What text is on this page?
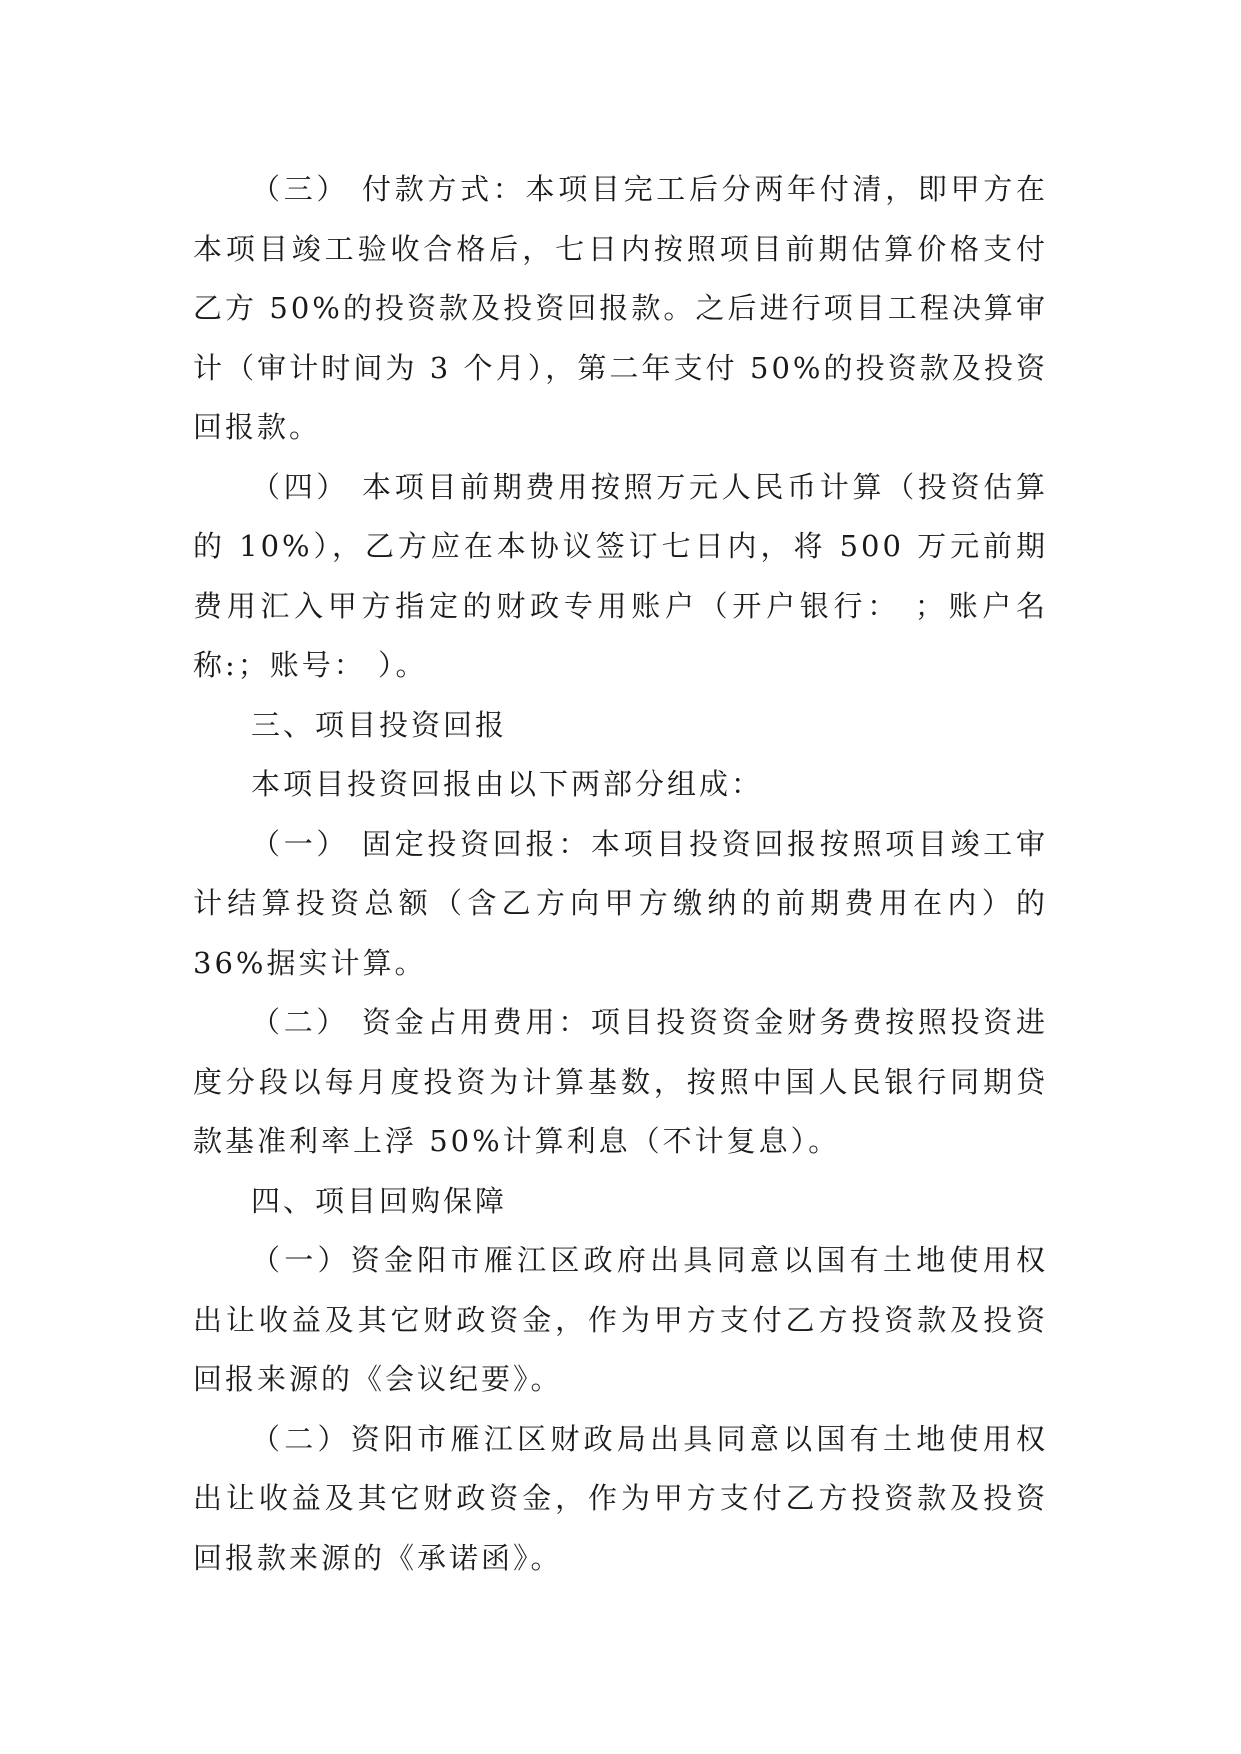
（三） 付款方式：本项目完工后分两年付清，即甲方在本项目竣工验收合格后，七日内按照项目前期估算价格支付乙方 50%的投资款及投资回报款。之后进行项目工程决算审计（审计时间为 3 个月），第二年支付 50%的投资款及投资回报款。

（四） 本项目前期费用按照万元人民币计算（投资估算的 10%），乙方应在本协议签订七日内，将 500 万元前期费用汇入甲方指定的财政专用账户（开户银行： ；账户名称:；账号： ）。

三、项目投资回报

本项目投资回报由以下两部分组成：

（一） 固定投资回报：本项目投资回报按照项目竣工审计结算投资总额（含乙方向甲方缴纳的前期费用在内）的 36%据实计算。

（二） 资金占用费用：项目投资资金财务费按照投资进度分段以每月度投资为计算基数，按照中国人民银行同期贷款基准利率上浮 50%计算利息（不计复息）。

四、项目回购保障

（一）资金阳市雁江区政府出具同意以国有土地使用权出让收益及其它财政资金，作为甲方支付乙方投资款及投资回报来源的《会议纪要》。

（二）资阳市雁江区财政局出具同意以国有土地使用权出让收益及其它财政资金，作为甲方支付乙方投资款及投资回报款来源的《承诺函》。
